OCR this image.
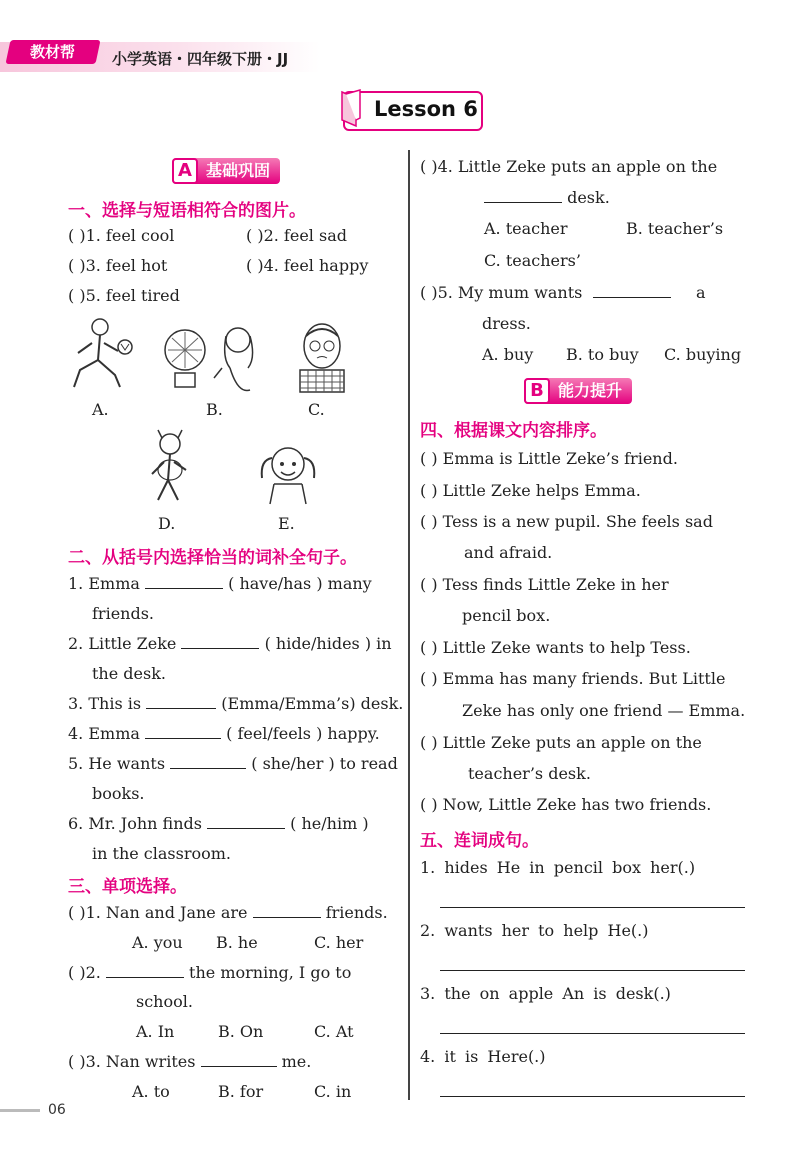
教材帮	小学英语・四年级下册・JJ
Lesson 6
基础巩固
A
一、选择与短语相符合的图片。
( )1. feel cool	( )2. feel sad
( )3. feel hot	( )4. feel happy
( )5. feel tired
A.	B.	C.
D.	E.
二、从括号内选择恰当的词补全句子。
1. Emma	( have/has ) many
friends.
2. Little Zeke	( hide/hides ) in
the desk.
3. This is	(Emma/Emma’s) desk.
4. Emma	( feel/feels ) happy.
5. He wants	( she/her ) to read
books.
6. Mr. John finds	( he/him )
in the classroom.
三、单项选择。
( )1. Nan and Jane are	friends.
A. you B. he	C. her
( )2.	the morning, I go to
school.
A. In	B. On	C. At
( )3. Nan writes	me.
A. to	B. for	C. in
( )4. Little Zeke puts an apple on the
desk.
A. teacher	B. teacher’s
C. teachers’
( )5. My mum wants	a
dress.
A. buy B. to buy C. buying
能力提升
B
四、根据课文内容排序。
( ) Emma is Little Zeke’s friend.
( ) Little Zeke helps Emma.
( ) Tess is a new pupil. She feels sad
and afraid.
( ) Tess finds Little Zeke in her
pencil box.
( ) Little Zeke wants to help Tess.
( ) Emma has many friends. But Little
Zeke has only one friend — Emma.
( ) Little Zeke puts an apple on the
teacher’s desk.
( ) Now, Little Zeke has two friends.
五、连词成句。
1. hides He in pencil box her(.)
2. wants her to help He(.)
3. the on apple An is desk(.)
4. it is Here(.)
06
